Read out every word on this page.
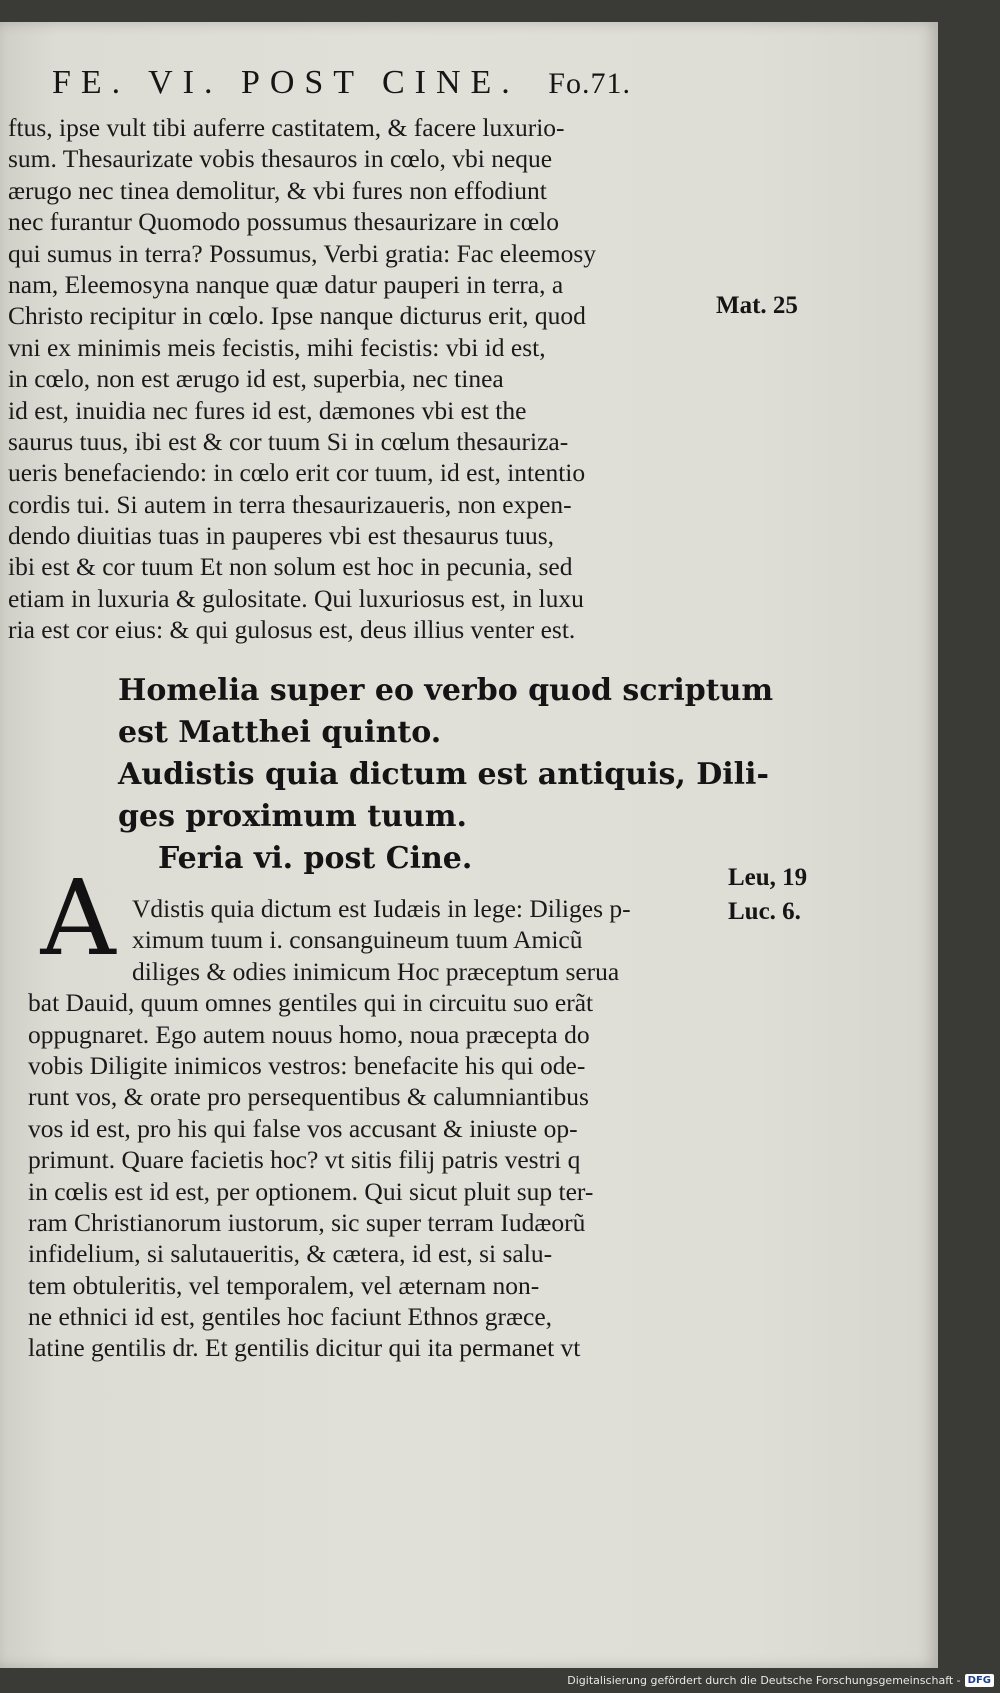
FE. VI. POST CINE. Fo.71.
ftus, ipse vult tibi auferre castitatem, & facere luxurio-
sum. Thesaurizate vobis thesauros in cœlo, vbi neque
ærugo nec tinea demolitur, & vbi fures non effodiunt
nec furantur Quomodo possumus thesaurizare in cœlo
qui sumus in terra? Possumus, Verbi gratia: Fac eleemosy
nam, Eleemosyna nanque quæ datur pauperi in terra, a
Christo recipitur in cœlo. Ipse nanque dicturus erit, quod
vni ex minimis meis fecistis, mihi fecistis: vbi id est,
in cœlo, non est ærugo id est, superbia, nec tinea
id est, inuidia nec fures id est, dæmones vbi est the
saurus tuus, ibi est & cor tuum Si in cœlum thesauriza-
ueris benefaciendo: in cœlo erit cor tuum, id est, intentio
cordis tui. Si autem in terra thesaurizaueris, non expen-
dendo diuitias tuas in pauperes vbi est thesaurus tuus,
ibi est & cor tuum Et non solum est hoc in pecunia, sed
etiam in luxuria & gulositate. Qui luxuriosus est, in luxu
ria est cor eius: & qui gulosus est, deus illius venter est.
Mat. 25
Homelia super eo verbo quod scriptum
est Matthei quinto.
Audistis quia dictum est antiquis, Dili-
ges proximum tuum.
Feria vi. post Cine.
A Vdistis quia dictum est Iudæis in lege: Diliges p-
ximum tuum i. consanguineum tuum Amicũ
diliges & odies inimicum Hoc præceptum serua
bat Dauid, quum omnes gentiles qui in circuitu suo erãt
oppugnaret. Ego autem nouus homo, noua præcepta do
vobis Diligite inimicos vestros: benefacite his qui ode-
runt vos, & orate pro persequentibus & calumniantibus
vos id est, pro his qui false vos accusant & iniuste op-
primunt. Quare facietis hoc? vt sitis filij patris vestri q
in cœlis est id est, per optionem. Qui sicut pluit sup ter-
ram Christianorum iustorum, sic super terram Iudæorũ
infidelium, si salutaueritis, & cætera, id est, si salu-
tem obtuleritis, vel temporalem, vel æternam non-
ne ethnici id est, gentiles hoc faciunt Ethnos græce,
latine gentilis dr. Et gentilis dicitur qui ita permanet vt
Leu, 19
Luc. 6.
Digitalisierung gefördert durch die Deutsche Forschungsgemeinschaft - DFG
